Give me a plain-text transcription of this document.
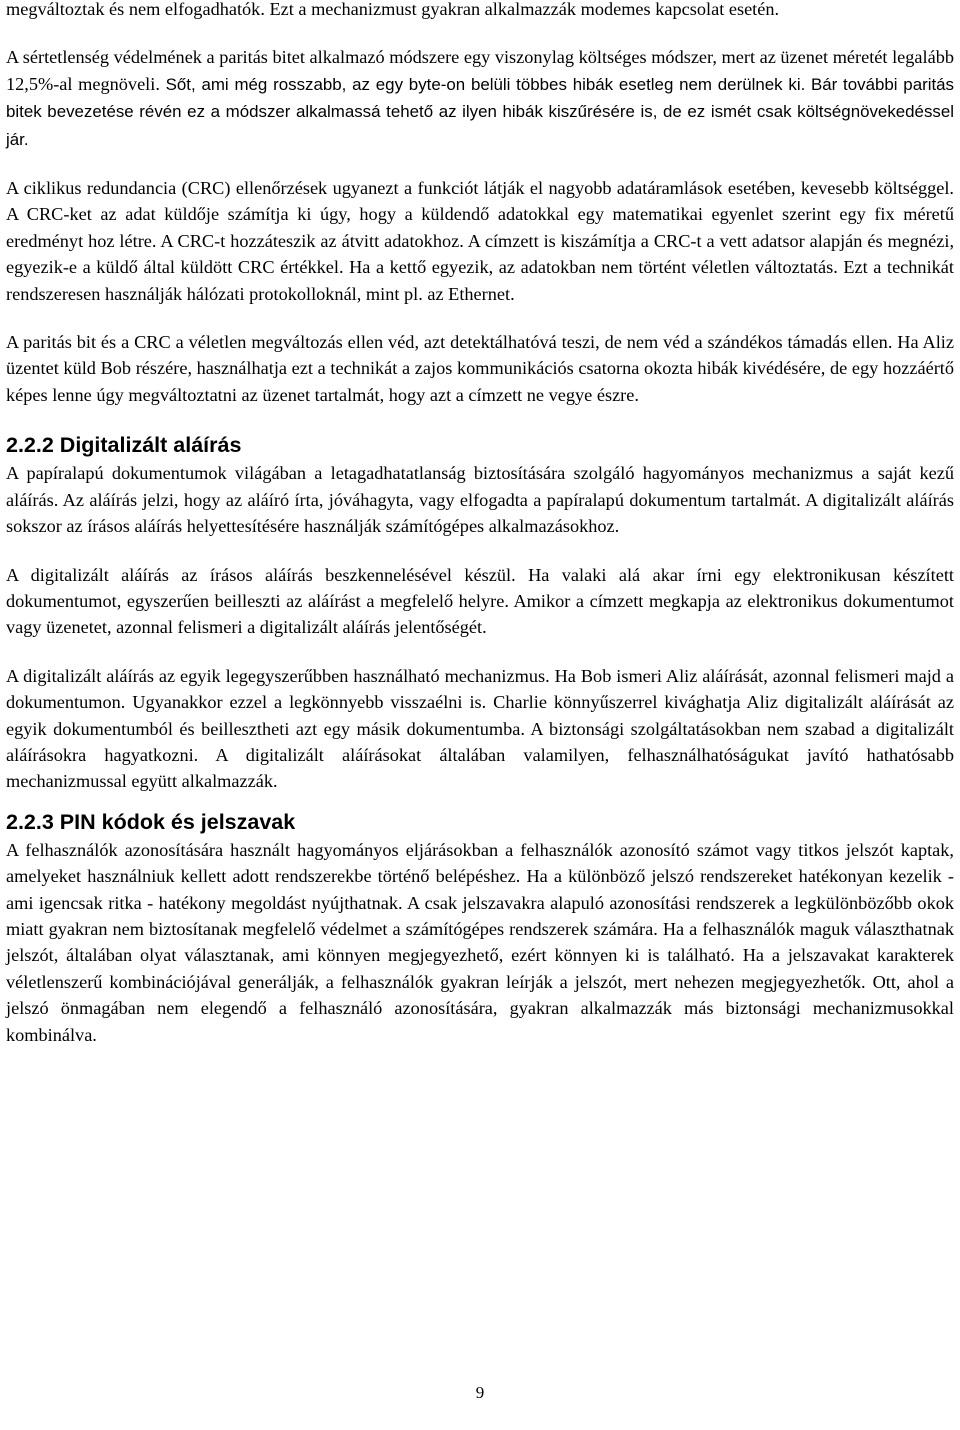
megváltoztak és nem elfogadhatók. Ezt a mechanizmust gyakran alkalmazzák modemes kapcsolat esetén.

A sértetlenség védelmének a paritás bitet alkalmazó módszere egy viszonylag költséges módszer, mert az üzenet méretét legalább 12,5%-al megnöveli. Sőt, ami még rosszabb, az egy byte-on belüli többes hibák esetleg nem derülnek ki. Bár további paritás bitek bevezetése révén ez a módszer alkalmassá tehető az ilyen hibák kiszűrésére is, de ez ismét csak költségnövekedéssel jár.

A ciklikus redundancia (CRC) ellenőrzések ugyanezt a funkciót látják el nagyobb adatáramlások esetében, kevesebb költséggel. A CRC-ket az adat küldője számítja ki úgy, hogy a küldendő adatokkal egy matematikai egyenlet szerint egy fix méretű eredményt hoz létre. A CRC-t hozzáteszik az átvitt adatokhoz. A címzett is kiszámítja a CRC-t a vett adatsor alapján és megnézi, egyezik-e a küldő által küldött CRC értékkel. Ha a kettő egyezik, az adatokban nem történt véletlen változtatás. Ezt a technikát rendszeresen használják hálózati protokolloknál, mint pl. az Ethernet.

A paritás bit és a CRC a véletlen megváltozás ellen véd, azt detektálhatóvá teszi, de nem véd a szándékos támadás ellen. Ha Aliz üzentet küld Bob részére, használhatja ezt a technikát a zajos kommunikációs csatorna okozta hibák kivédésére, de egy hozzáértő képes lenne úgy megváltoztatni az üzenet tartalmát, hogy azt a címzett ne vegye észre.

2.2.2 Digitalizált aláírás

A papíralapú dokumentumok világában a letagadhatatlanság biztosítására szolgáló hagyományos mechanizmus a saját kezű aláírás. Az aláírás jelzi, hogy az aláíró írta, jóváhagyta, vagy elfogadta a papíralapú dokumentum tartalmát. A digitalizált aláírás sokszor az írásos aláírás helyettesítésére használják számítógépes alkalmazásokhoz.

A digitalizált aláírás az írásos aláírás beszkennelésével készül. Ha valaki alá akar írni egy elektronikusan készített dokumentumot, egyszerűen beilleszti az aláírást a megfelelő helyre. Amikor a címzett megkapja az elektronikus dokumentumot vagy üzenetet, azonnal felismeri a digitalizált aláírás jelentőségét.

A digitalizált aláírás az egyik legegyszerűbben használható mechanizmus. Ha Bob ismeri Aliz aláírását, azonnal felismeri majd a dokumentumon. Ugyanakkor ezzel a legkönnyebb visszaélni is. Charlie könnyűszerrel kivághatja Aliz digitalizált aláírását az egyik dokumentumból és beillesztheti azt egy másik dokumentumba. A biztonsági szolgáltatásokban nem szabad a digitalizált aláírásokra hagyatkozni. A digitalizált aláírásokat általában valamilyen, felhasználhatóságukat javító hathatósabb mechanizmussal együtt alkalmazzák.

2.2.3 PIN kódok és jelszavak

A felhasználók azonosítására használt hagyományos eljárásokban a felhasználók azonosító számot vagy titkos jelszót kaptak, amelyeket használniuk kellett adott rendszerekbe történő belépéshez. Ha a különböző jelszó rendszereket hatékonyan kezelik - ami igencsak ritka - hatékony megoldást nyújthatnak. A csak jelszavakra alapuló azonosítási rendszerek a legkülönbözőbb okok miatt gyakran nem biztosítanak megfelelő védelmet a számítógépes rendszerek számára. Ha a felhasználók maguk választhatnak jelszót, általában olyat választanak, ami könnyen megjegyezhető, ezért könnyen ki is található. Ha a jelszavakat karakterek véletlenszerű kombinációjával generálják, a felhasználók gyakran leírják a jelszót, mert nehezen megjegyezhetők. Ott, ahol a jelszó önmagában nem elegendő a felhasználó azonosítására, gyakran alkalmazzák más biztonsági mechanizmusokkal kombinálva.

9
